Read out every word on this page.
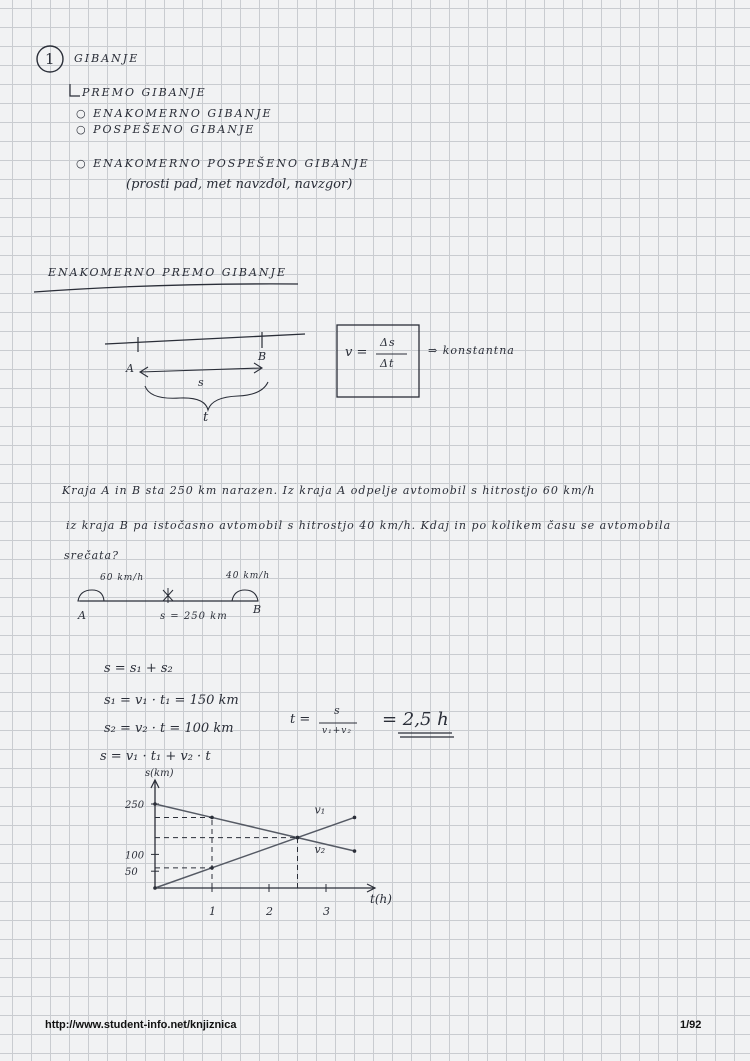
t(h)
s(km)
1	2	3
50
100
250	v₁
v₂
1 GIBANJE
PREMO GIBANJE
○ ENAKOMERNO GIBANJE
○ POSPEŠENO GIBANJE
○ ENAKOMERNO POSPEŠENO GIBANJE
(prosti pad, met navzdol, navzgor)
ENAKOMERNO PREMO GIBANJE
A
B
s
t
v =
Δs
Δt
⇒ konstantna
Kraja A in B sta 250 km narazen. Iz kraja A odpelje avtomobil s hitrostjo 60 km/h
iz kraja B pa istočasno avtomobil s hitrostjo 40 km/h. Kdaj in po kolikem času se avtomobila
srečata?
60 km/h	40 km/h
A	B
s = 250 km
s = s₁ + s₂
s₁ = v₁ · t₁ = 150 km
s₂ = v₂ · t = 100 km
s = v₁ · t₁ + v₂ · t
t =
s
v₁+v₂
= 2,5 h
http://www.student-info.net/knjiznica	1/92
